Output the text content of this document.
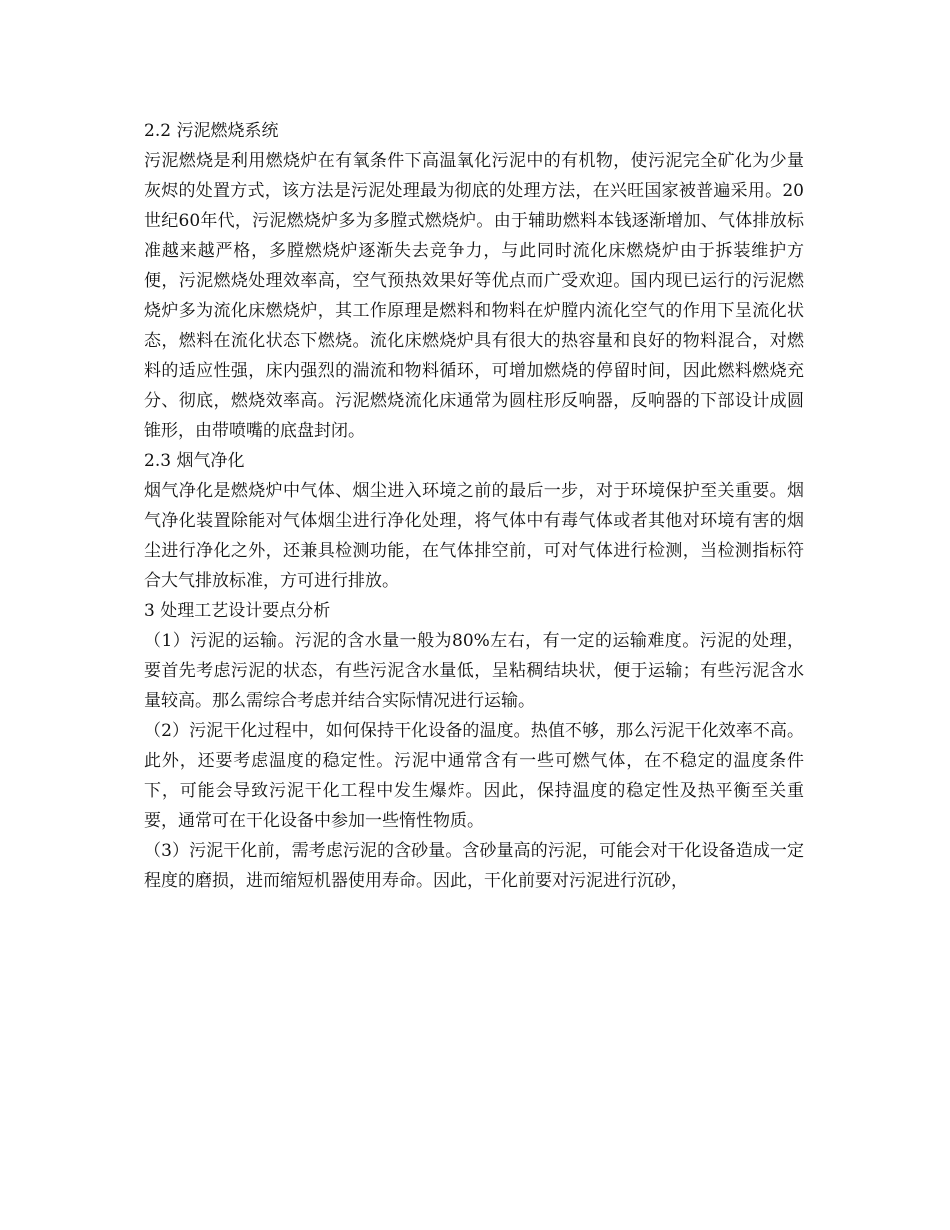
2.2 污泥燃烧系统

污泥燃烧是利用燃烧炉在有氧条件下高温氧化污泥中的有机物，使污泥完全矿化为少量灰烬的处置方式，该方法是污泥处理最为彻底的处理方法，在兴旺国家被普遍采用。20世纪60年代，污泥燃烧炉多为多膛式燃烧炉。由于辅助燃料本钱逐渐增加、气体排放标准越来越严格，多膛燃烧炉逐渐失去竞争力，与此同时流化床燃烧炉由于拆装维护方便，污泥燃烧处理效率高，空气预热效果好等优点而广受欢迎。国内现已运行的污泥燃烧炉多为流化床燃烧炉，其工作原理是燃料和物料在炉膛内流化空气的作用下呈流化状态，燃料在流化状态下燃烧。流化床燃烧炉具有很大的热容量和良好的物料混合，对燃料的适应性强，床内强烈的湍流和物料循环，可增加燃烧的停留时间，因此燃料燃烧充分、彻底，燃烧效率高。污泥燃烧流化床通常为圆柱形反响器，反响器的下部设计成圆锥形，由带喷嘴的底盘封闭。

2.3 烟气净化

烟气净化是燃烧炉中气体、烟尘进入环境之前的最后一步，对于环境保护至关重要。烟气净化装置除能对气体烟尘进行净化处理，将气体中有毒气体或者其他对环境有害的烟尘进行净化之外，还兼具检测功能，在气体排空前，可对气体进行检测，当检测指标符合大气排放标准，方可进行排放。

3 处理工艺设计要点分析

（1）污泥的运输。污泥的含水量一般为80%左右，有一定的运输难度。污泥的处理，要首先考虑污泥的状态，有些污泥含水量低，呈粘稠结块状，便于运输；有些污泥含水量较高。那么需综合考虑并结合实际情况进行运输。

（2）污泥干化过程中，如何保持干化设备的温度。热值不够，那么污泥干化效率不高。此外，还要考虑温度的稳定性。污泥中通常含有一些可燃气体，在不稳定的温度条件下，可能会导致污泥干化工程中发生爆炸。因此，保持温度的稳定性及热平衡至关重要，通常可在干化设备中参加一些惰性物质。

（3）污泥干化前，需考虑污泥的含砂量。含砂量高的污泥，可能会对干化设备造成一定程度的磨损，进而缩短机器使用寿命。因此，干化前要对污泥进行沉砂，
